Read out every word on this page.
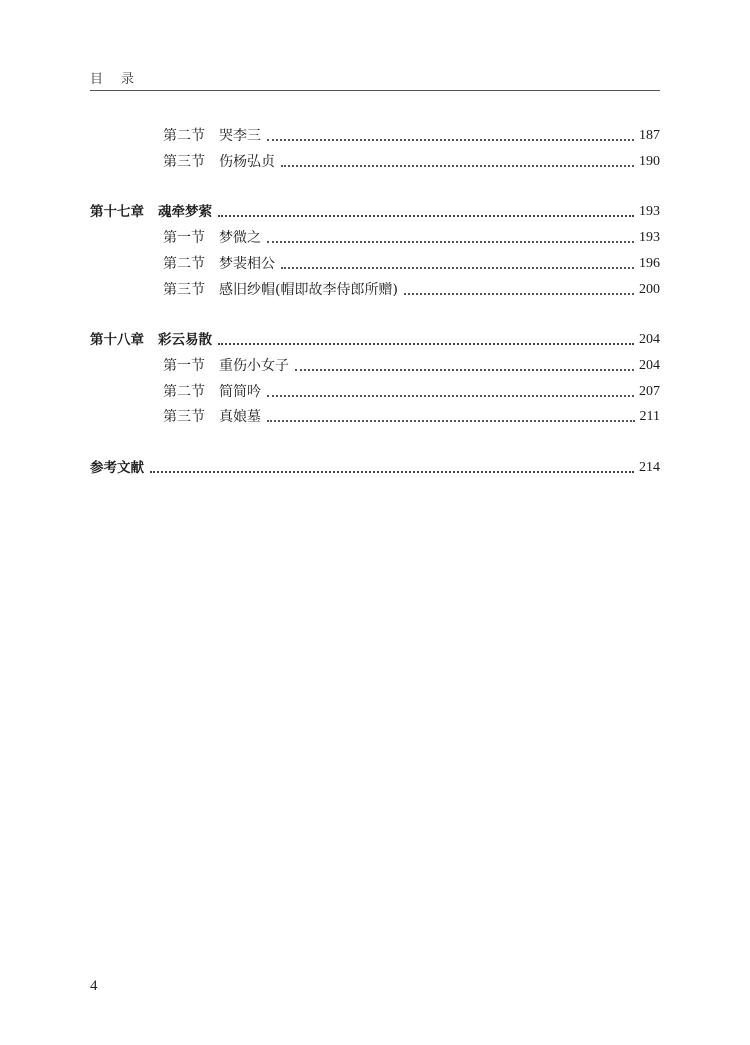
目录
第二节 哭李三	187
第三节 伤杨弘贞	190
第十七章 魂牵梦萦	193
第一节 梦微之	193
第二节 梦裴相公	196
第三节 感旧纱帽(帽即故李侍郎所赠)	200
第十八章 彩云易散	204
第一节 重伤小女子	204
第二节 简简吟	207
第三节 真娘墓	211
参考文献	214
4
